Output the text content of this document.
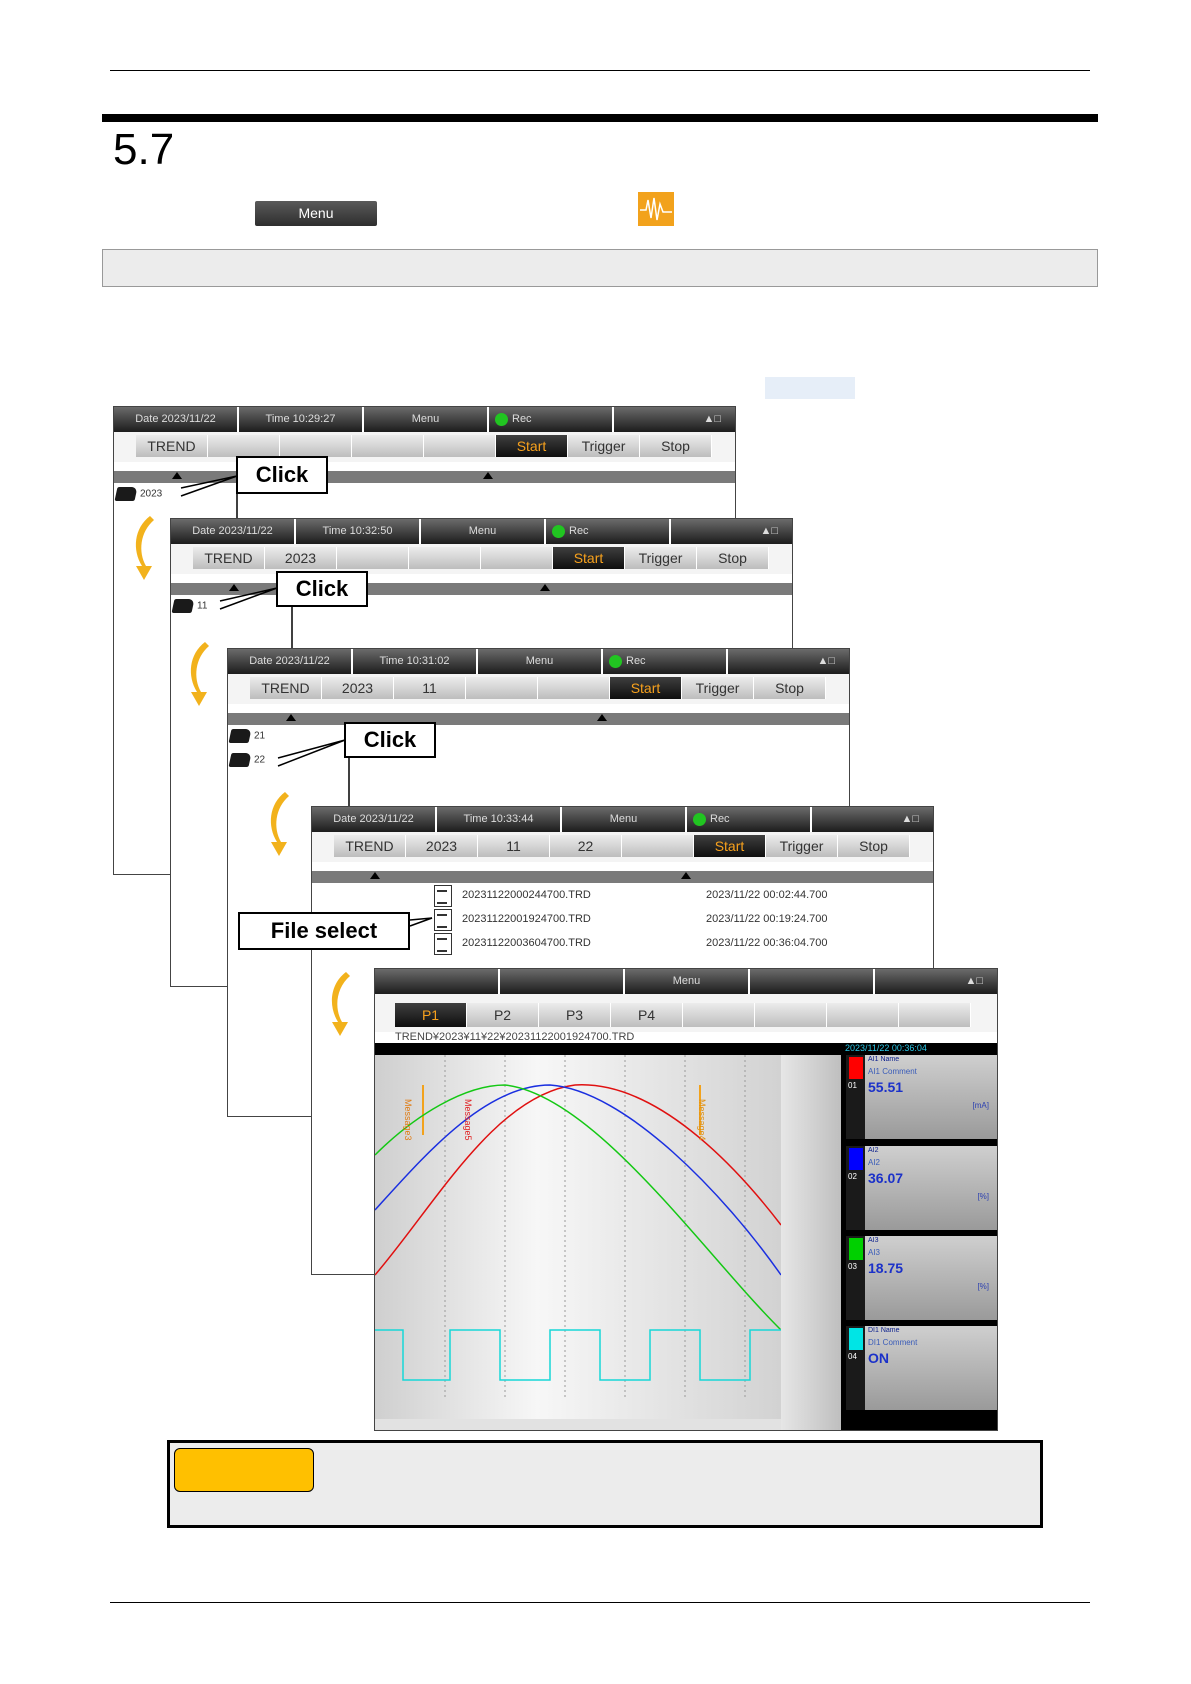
5.7
Menu
Date 2023/11/22	Time 10:29:27	Menu	Rec	▲□
TREND	Start	Trigger	Stop
2023
Date 2023/11/22	Time 10:32:50	Menu	Rec	▲□
TREND	2023	Start	Trigger	Stop
11
Date 2023/11/22	Time 10:31:02	Menu	Rec	▲□
TREND	2023	11	Start	Trigger	Stop
21
22
Date 2023/11/22	Time 10:33:44	Menu	Rec	▲□
TREND	2023	11	22	Start	Trigger	Stop
20231122000244700.TRD	2023/11/22 00:02:44.700
20231122001924700.TRD	2023/11/22 00:19:24.700
20231122003604700.TRD	2023/11/22 00:36:04.700
Click
Click
Click
File select
Menu	▲□
P1	P2	P3	P4
TREND¥2023¥11¥22¥20231122001924700.TRD
2023/11/22 00:36:04
Message3	Message5	Message4
01
AI1 Name
AI1 Comment
55.51
[mA]
02
AI2
AI2
36.07
[%]
03
AI3
AI3
18.75
[%]
04
DI1 Name
DI1 Comment
ON
